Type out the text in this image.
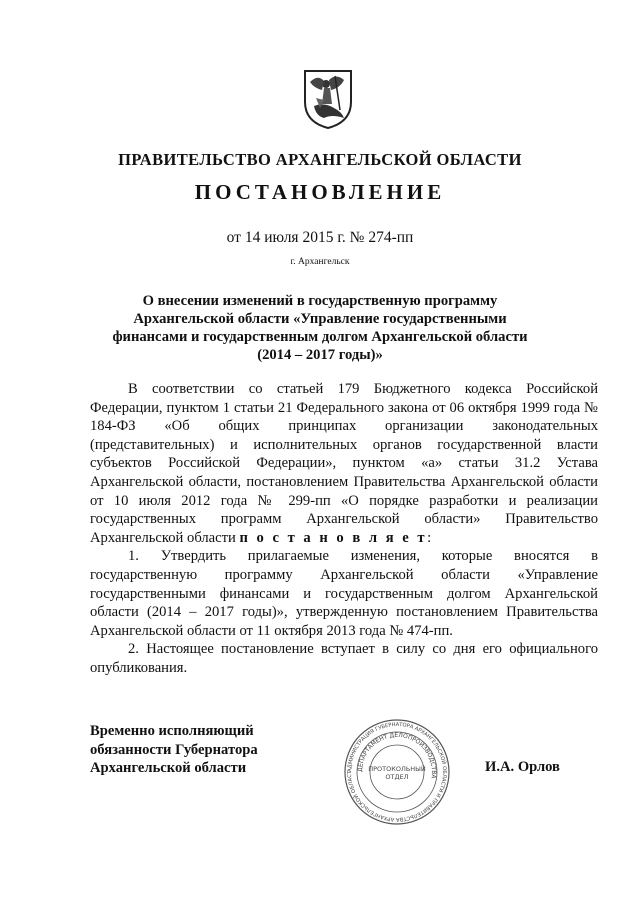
ПРАВИТЕЛЬСТВО АРХАНГЕЛЬСКОЙ ОБЛАСТИ
ПОСТАНОВЛЕНИЕ
от 14 июля 2015 г. № 274-пп
г. Архангельск
О внесении изменений в государственную программу
Архангельской области «Управление государственными
финансами и государственным долгом Архангельской области
(2014 – 2017 годы)»

В соответствии со статьей 179 Бюджетного кодекса Российской Федерации, пунктом 1 статьи 21 Федерального закона от 06 октября 1999 года № 184-ФЗ «Об общих принципах организации законодательных (представительных) и исполнительных органов государственной власти субъектов Российской Федерации», пунктом «а» статьи 31.2 Устава Архангельской области, постановлением Правительства Архангельской области от 10 июля 2012 года № 299-пп «О порядке разработки и реализации государственных программ Архангельской области» Правительство Архангельской области п о с т а н о в л я е т:

1. Утвердить прилагаемые изменения, которые вносятся в государственную программу Архангельской области «Управление государственными финансами и государственным долгом Архангельской области (2014 – 2017 годы)», утвержденную постановлением Правительства Архангельской области от 11 октября 2013 года № 474-пп.

2. Настоящее постановление вступает в силу со дня его официального опубликования.

Временно исполняющий
обязанности Губернатора
Архангельской области	АДМИНИСТРАЦИЯ ГУБЕРНАТОРА АРХАНГЕЛЬСКОЙ ОБЛАСТИ И ПРАВИТЕЛЬСТВА АРХАНГЕЛЬСКОЙ ОБЛАСТ
ДЕПАРТАМЕНТ ДЕЛОПРОИЗВОДСТВА
ПРОТОКОЛЬНЫЙ
ОТДЕЛ
И.А. Орлов
